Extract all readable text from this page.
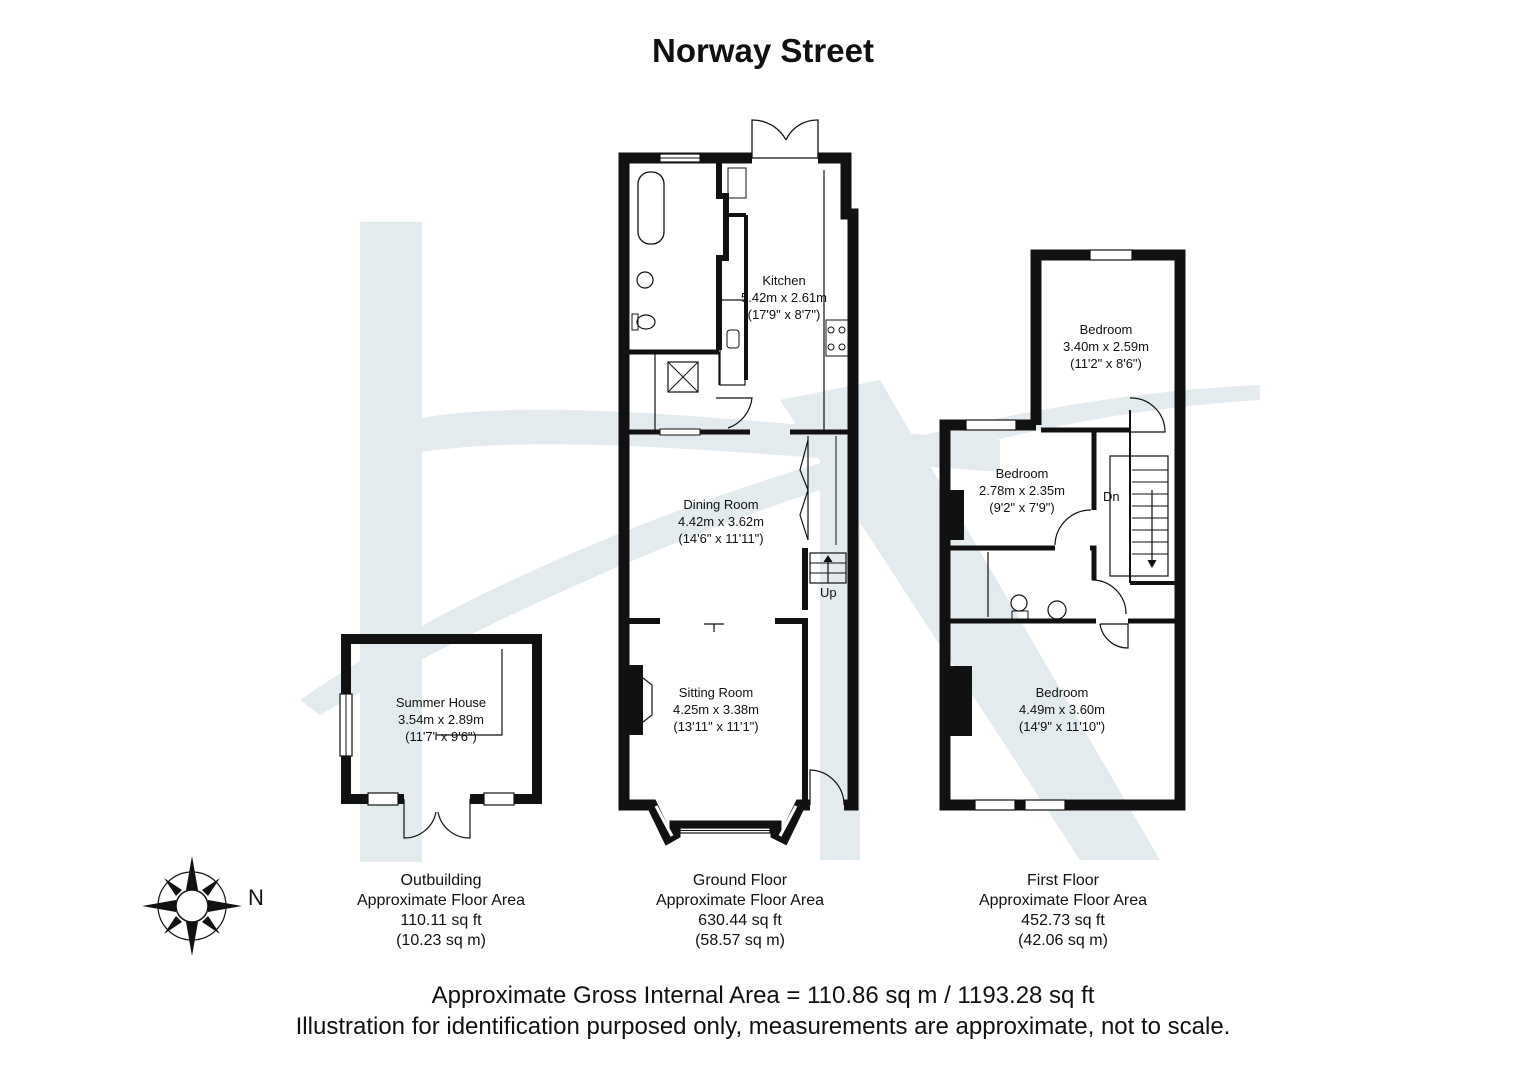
Norway Street
Kitchen
5.42m x 2.61m
(17'9" x 8'7")
Dining Room
4.42m x 3.62m
(14'6" x 11'11")
Sitting Room
4.25m x 3.38m
(13'11" x 11'1")
Summer House
3.54m x 2.89m
(11'7" x 9'6")
Bedroom
3.40m x 2.59m
(11'2" x 8'6")
Bedroom
2.78m x 2.35m
(9'2" x 7'9")
Bedroom
4.49m x 3.60m
(14'9" x 11'10")
Up
Dn
Outbuilding
Approximate Floor Area
110.11 sq ft
(10.23 sq m)
Ground Floor
Approximate Floor Area
630.44 sq ft
(58.57 sq m)
First Floor
Approximate Floor Area
452.73 sq ft
(42.06 sq m)
N
Approximate Gross Internal Area = 110.86 sq m / 1193.28 sq ft
Illustration for identification purposed only, measurements are approximate, not to scale.
